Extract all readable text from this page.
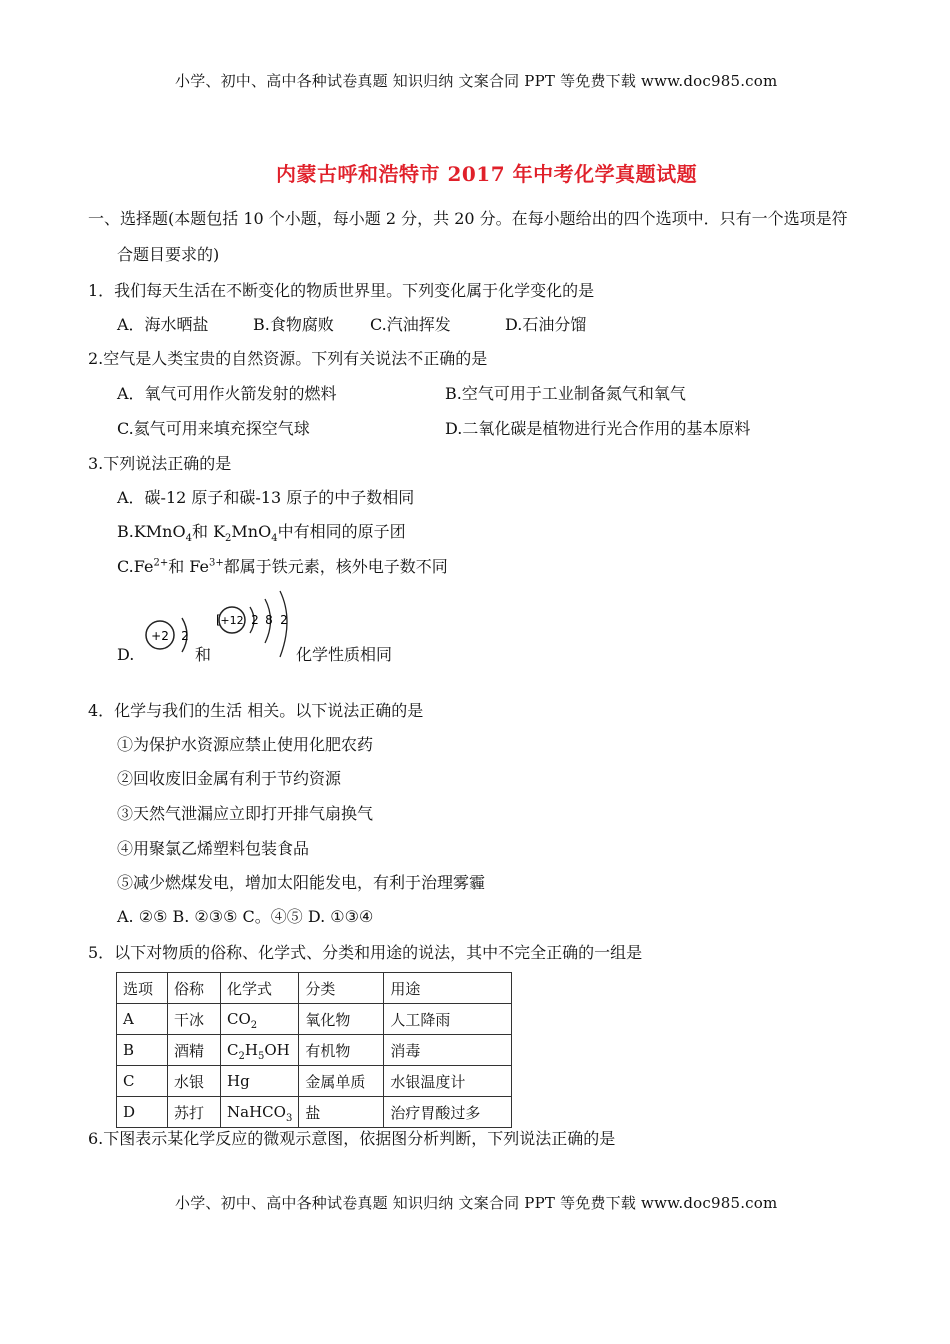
小学、初中、高中各种试卷真题 知识归纳 文案合同 PPT 等免费下载 www.doc985.com
内蒙古呼和浩特市 2017 年中考化学真题试题
一、选择题(本题包括 10 个小题，每小题 2 分，共 20 分。在每小题给出的四个选项中．只有一个选项是符
合题目要求的)
1．我们每天生活在不断变化的物质世界里。下列变化属于化学变化的是
A．海水晒盐	B.食物腐败 C.汽油挥发	D.石油分馏
2.空气是人类宝贵的自然资源。下列有关说法不正确的是
A．氧气可用作火箭发射的燃料	B.空气可用于工业制备氮气和氧气
C.氦气可用来填充探空气球	D.二氧化碳是植物进行光合作用的基本原料
3.下列说法正确的是
A．碳-12 原子和碳-13 原子的中子数相同
B.KMnO$_4$和 $K_2MnO_4$中有相同的原子团
$C.Fe^{2+}$和 $Fe^{3+}$都属于铁元素，核外电子数不同
D.
+2 2
和
[ +12 2 8 2
化学性质相同
4．化学与我们的生活 相关。以下说法正确的是
①为保护水资源应禁止使用化肥农药
②回收废旧金属有利于节约资源
③天然气泄漏应立即打开排气扇换气
④用聚氯乙烯塑料包装食品
⑤减少燃煤发电，增加太阳能发电，有利于治理雾霾
A. ②⑤ B. ②③⑤ C。④⑤ D. ①③④
5．以下对物质的俗称、化学式、分类和用途的说法，其中不完全正确的一组是
选项	俗称	化学式	分类	用途
A	干冰	$CO_2$	氧化物	人工降雨
B	酒精	$C_2H_5OH$	有机物	消毒
C	水银	Hg	金属单质	水银温度计
D	苏打	NaHCO$_3$	盐	治疗胃酸过多
6.下图表示某化学反应的微观示意图，依据图分析判断，下列说法正确的是
小学、初中、高中各种试卷真题 知识归纳 文案合同 PPT 等免费下载 www.doc985.com
